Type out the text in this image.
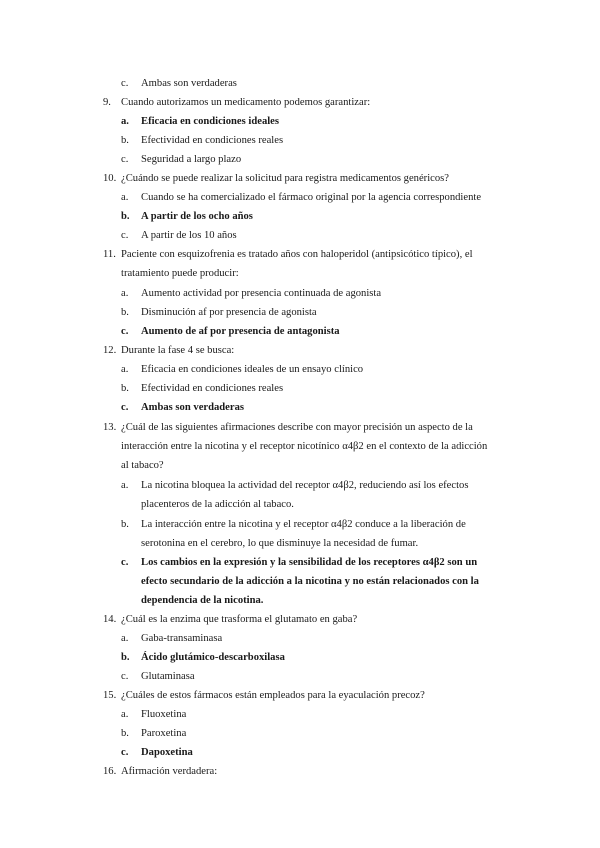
c. Ambas son verdaderas
9. Cuando autorizamos un medicamento podemos garantizar:
a. Eficacia en condiciones ideales
b. Efectividad en condiciones reales
c. Seguridad a largo plazo
10. ¿Cuándo se puede realizar la solicitud para registra medicamentos genéricos?
a. Cuando se ha comercializado el fármaco original por la agencia correspondiente
b. A partir de los ocho años
c. A partir de los 10 años
11. Paciente con esquizofrenia es tratado años con haloperidol (antipsicótico típico), el
tratamiento puede producir:
a. Aumento actividad por presencia continuada de agonista
b. Disminución af por presencia de agonista
c. Aumento de af por presencia de antagonista
12. Durante la fase 4 se busca:
a. Eficacia en condiciones ideales de un ensayo clínico
b. Efectividad en condiciones reales
c. Ambas son verdaderas
13. ¿Cuál de las siguientes afirmaciones describe con mayor precisión un aspecto de la
interacción entre la nicotina y el receptor nicotínico α4β2 en el contexto de la adicción
al tabaco?
a. La nicotina bloquea la actividad del receptor α4β2, reduciendo así los efectos
placenteros de la adicción al tabaco.
b. La interacción entre la nicotina y el receptor α4β2 conduce a la liberación de
serotonina en el cerebro, lo que disminuye la necesidad de fumar.
c. Los cambios en la expresión y la sensibilidad de los receptores α4β2 son un
efecto secundario de la adicción a la nicotina y no están relacionados con la
dependencia de la nicotina.
14. ¿Cuál es la enzima que trasforma el glutamato en gaba?
a. Gaba-transaminasa
b. Ácido glutámico-descarboxilasa
c. Glutaminasa
15. ¿Cuáles de estos fármacos están empleados para la eyaculación precoz?
a. Fluoxetina
b. Paroxetina
c. Dapoxetina
16. Afirmación verdadera:
